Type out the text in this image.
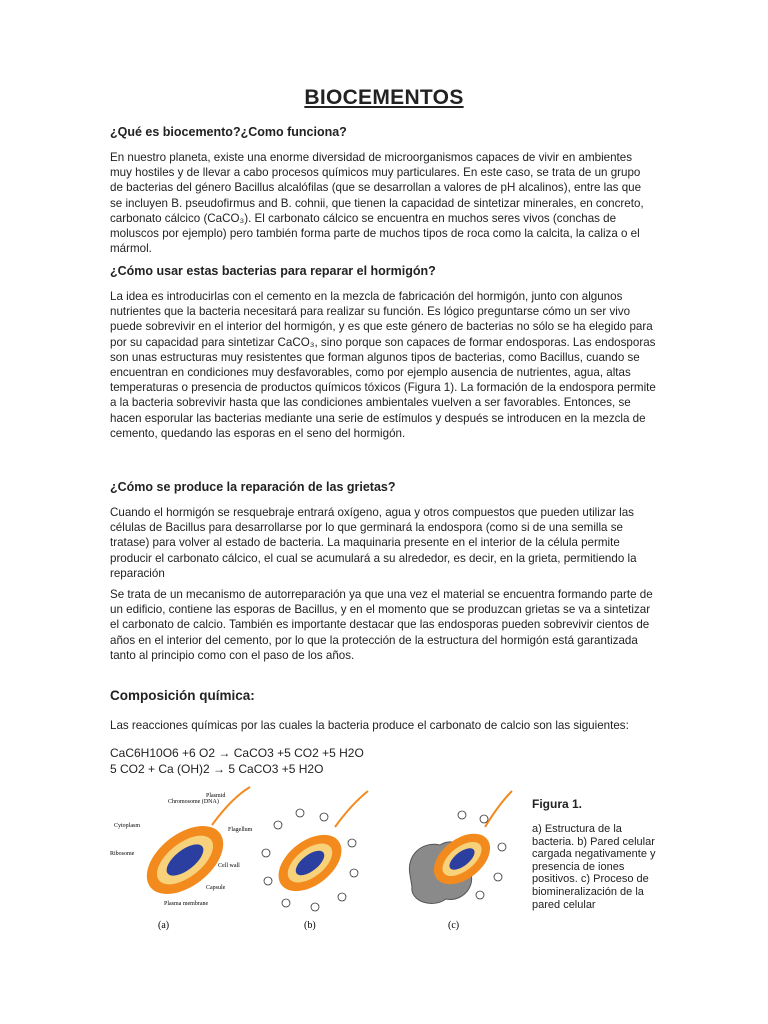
BIOCEMENTOS

¿Qué es biocemento?¿Como funciona?

En nuestro planeta, existe una enorme diversidad de microorganismos capaces de vivir en ambientes muy hostiles y de llevar a cabo procesos químicos muy particulares. En este caso, se trata de un grupo de bacterias del género Bacillus alcalófilas (que se desarrollan a valores de pH alcalinos), entre las que se incluyen B. pseudofirmus and B. cohnii, que tienen la capacidad de sintetizar minerales, en concreto, carbonato cálcico (CaCO₃). El carbonato cálcico se encuentra en muchos seres vivos (conchas de moluscos por ejemplo) pero también forma parte de muchos tipos de roca como la calcita, la caliza o el mármol.

¿Cómo usar estas bacterias para reparar el hormigón?

La idea es introducirlas con el cemento en la mezcla de fabricación del hormigón, junto con algunos nutrientes que la bacteria necesitará para realizar su función. Es lógico preguntarse cómo un ser vivo puede sobrevivir en el interior del hormigón, y es que este género de bacterias no sólo se ha elegido para por su capacidad para sintetizar CaCO₃, sino porque son capaces de formar endosporas. Las endosporas son unas estructuras muy resistentes que forman algunos tipos de bacterias, como Bacillus, cuando se encuentran en condiciones muy desfavorables, como por ejemplo ausencia de nutrientes, agua, altas temperaturas o presencia de productos químicos tóxicos (Figura 1). La formación de la endospora permite a la bacteria sobrevivir hasta que las condiciones ambientales vuelven a ser favorables. Entonces, se hacen esporular las bacterias mediante una serie de estímulos y después se introducen en la mezcla de cemento, quedando las esporas en el seno del hormigón.

¿Cómo se produce la reparación de las grietas?

Cuando el hormigón se resquebraje entrará oxígeno, agua y otros compuestos que pueden utilizar las células de Bacillus para desarrollarse por lo que germinará la endospora (como si de una semilla se tratase) para volver al estado de bacteria. La maquinaria presente en el interior de la célula permite producir el carbonato cálcico, el cual se acumulará a su alrededor, es decir, en la grieta, permitiendo la reparación

Se trata de un mecanismo de autorreparación ya que una vez el material se encuentra formando parte de un edificio, contiene las esporas de Bacillus, y en el momento que se produzcan grietas se va a sintetizar el carbonato de calcio. También es importante destacar que las endosporas pueden sobrevivir cientos de años en el interior del cemento, por lo que la protección de la estructura del hormigón está garantizada tanto al principio como con el paso de los años.

Composición química:

Las reacciones químicas por las cuales la bacteria produce el carbonato de calcio son las siguientes:

CaC6H10O6 +6 O2 → CaCO3 +5 CO2 +5 H2O

5 CO2 + Ca (OH)2 → 5 CaCO3 +5 H2O

Chromosome (DNA)
Plasmid
Flagellum
Cytoplasm
Ribosome
Cell wall
Capsule
Plasma membrane
(a)	(b)	(c)

Figura 1.

a) Estructura de la bacteria. b) Pared celular cargada negativamente y presencia de iones positivos. c) Proceso de biomineralización de la pared celular
